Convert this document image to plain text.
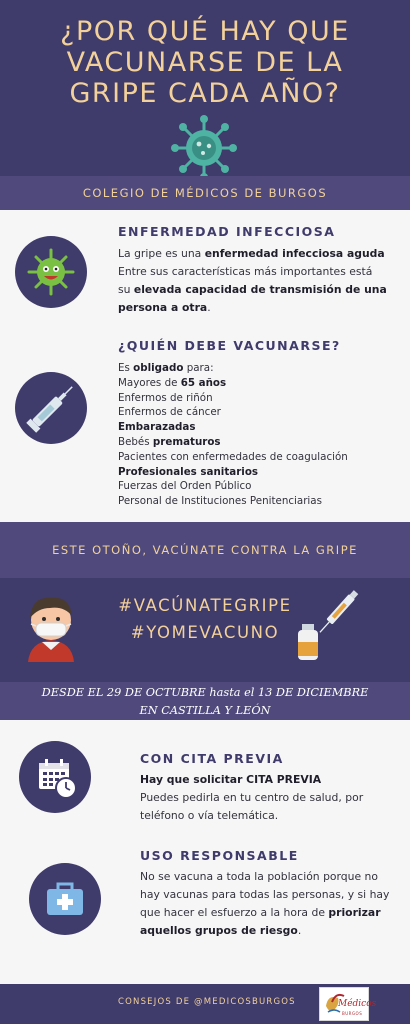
¿POR QUÉ HAY QUE
VACUNARSE DE LA
GRIPE CADA AÑO?
COLEGIO DE MÉDICOS DE BURGOS
ENFERMEDAD INFECCIOSA
La gripe es una enfermedad infecciosa aguda
Entre sus características más importantes está su elevada capacidad de transmisión de una persona a otra.
¿QUIÉN DEBE VACUNARSE?
Es obligado para:
Mayores de 65 años
Enfermos de riñón
Enfermos de cáncer
Embarazadas
Bebés prematuros
Pacientes con enfermedades de coagulación
Profesionales sanitarios
Fuerzas del Orden Público
Personal de Instituciones Penitenciarias
ESTE OTOÑO, VACÚNATE CONTRA LA GRIPE
#VACÚNATEGRIPE
#YOMEVACUNO
DESDE EL 29 DE OCTUBRE hasta el 13 DE DICIEMBRE
EN CASTILLA Y LEÓN
CON CITA PREVIA
Hay que solicitar CITA PREVIA
Puedes pedirla en tu centro de salud, por teléfono o vía telemática.
USO RESPONSABLE
No se vacuna a toda la población porque no hay vacunas para todas las personas, y si hay que hacer el esfuerzo a la hora de priorizar aquellos grupos de riesgo.
CONSEJOS DE @MEDICOSBURGOS	Médicos
BURGOS
